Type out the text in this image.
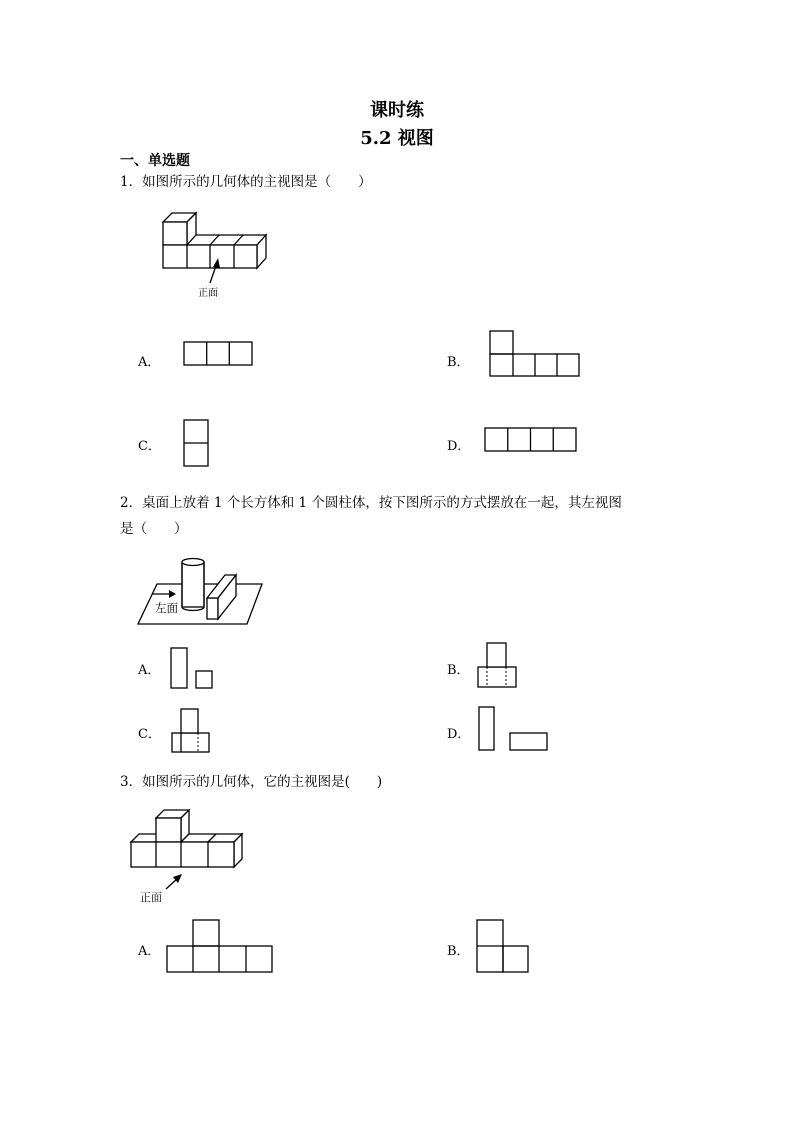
课时练
5.2 视图
一、单选题
1．如图所示的几何体的主视图是（　　）
正面
A．	B．
C．	D．
2．桌面上放着 1 个长方体和 1 个圆柱体，按下图所示的方式摆放在一起，其左视图
是（　　）
左面
A．	B．
C．	D．
3．如图所示的几何体，它的主视图是(　　)
正面
A．	B．
